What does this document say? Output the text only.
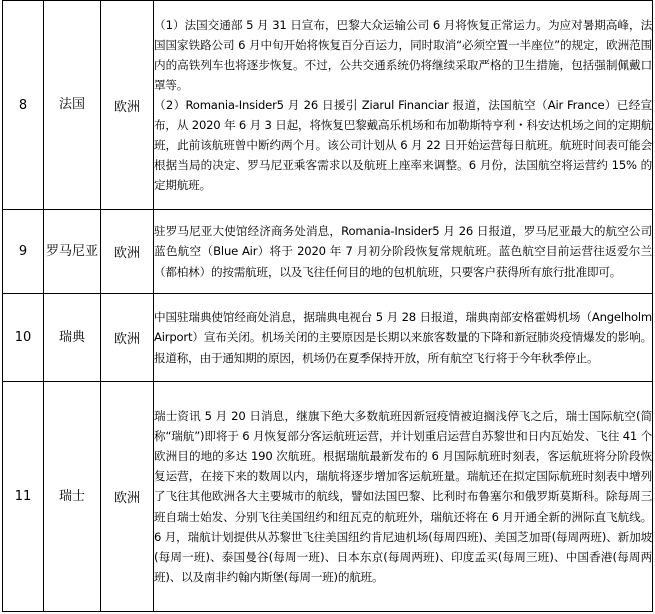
8	法国	欧洲	（1）法国交通部 5 月 31 日宣布，巴黎大众运输公司 6 月将恢复正常运力。为应对暑期高峰，法国国家铁路公司 6 月中旬开始将恢复百分百运力，同时取消“必须空置一半座位”的规定，欧洲范围内的高铁列车也将逐步恢复。不过，公共交通系统仍将继续采取严格的卫生措施，包括强制佩戴口罩等。
（2）Romania-Insider5 月 26 日援引 Ziarul Financiar 报道，法国航空（Air France）已经宣布，从 2020 年 6 月 3 日起，将恢复巴黎戴高乐机场和布加勒斯特亨利・科安达机场之间的定期航班，此前该航班曾中断约两个月。该公司计划从 6 月 22 日开始运营每日航班。航班时间表可能会根据当局的决定、罗马尼亚乘客需求以及航班上座率来调整。6 月份，法国航空将运营约 15% 的定期航班。

9	罗马尼亚	欧洲	驻罗马尼亚大使馆经济商务处消息，Romania-Insider5 月 26 日报道，罗马尼亚最大的航空公司蓝色航空（Blue Air）将于 2020 年 7 月初分阶段恢复常规航班。蓝色航空目前运营往返爱尔兰（都柏林）的按需航班，以及飞往任何目的地的包机航班，只要客户获得所有旅行批准即可。

10	瑞典	欧洲	中国驻瑞典使馆经商处消息，据瑞典电视台 5 月 28 日报道，瑞典南部安格霍姆机场（Angelholm Airport）宣布关闭。机场关闭的主要原因是长期以来旅客数量的下降和新冠肺炎疫情爆发的影响。报道称，由于通知期的原因，机场仍在夏季保持开放，所有航空飞行将于今年秋季停止。

11	瑞士	欧洲	瑞士资讯 5 月 20 日消息，继旗下绝大多数航班因新冠疫情被迫搁浅停飞之后，瑞士国际航空(简称“瑞航”)即将于 6 月恢复部分客运航班运营，并计划重启运营自苏黎世和日内瓦始发、飞往 41 个欧洲目的地的多达 190 次航班。根据瑞航最新发布的 6 月国际航班时刻表，客运航班将分阶段恢复运营，在接下来的数周以内，瑞航将逐步增加客运航班量。瑞航还在拟定国际航班时刻表中增列了飞往其他欧洲各大主要城市的航线，譬如法国巴黎、比利时布鲁塞尔和俄罗斯莫斯科。除每周三班自瑞士始发、分别飞往美国纽约和纽瓦克的航班外，瑞航还将在 6 月开通全新的洲际直飞航线。6 月，瑞航计划提供从苏黎世飞往美国纽约肯尼迪机场(每周四班)、美国芝加哥(每周两班)、新加坡(每周一班)、泰国曼谷(每周一班)、日本东京(每周两班)、印度孟买(每周三班)、中国香港(每周两班)、以及南非约翰内斯堡(每周一班)的航班。
